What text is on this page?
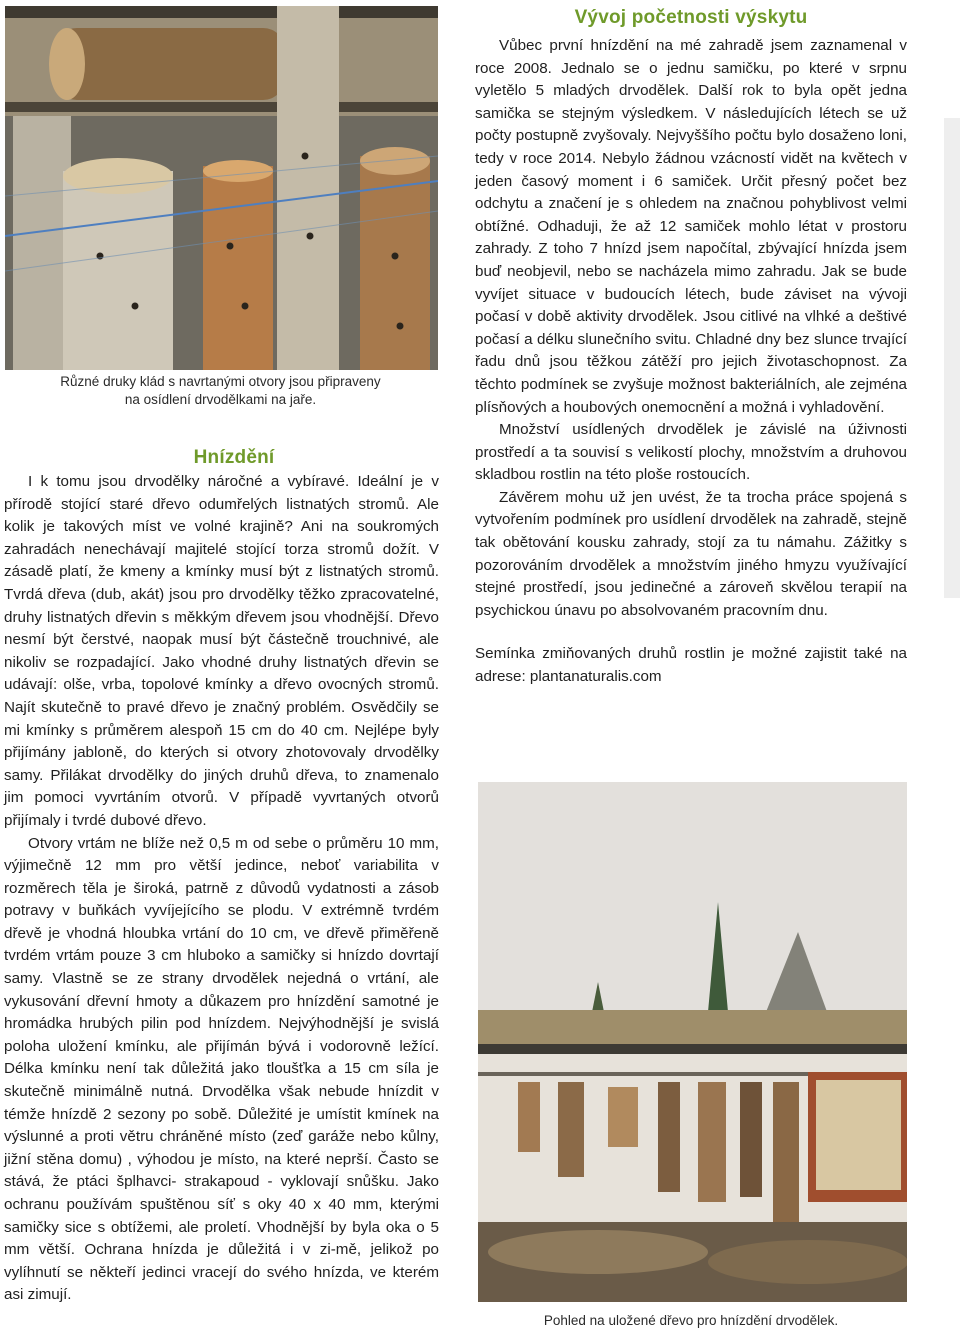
Různé druky klád s navrtanými otvory jsou připraveny
na osídlení drvodělkami na jaře.
Hnízdění

I k tomu jsou drvodělky náročné a vybíravé. Ideální je v přírodě stojící staré dřevo odumřelých listnatých stromů. Ale kolik je takových míst ve volné krajině? Ani na soukromých zahradách nenechávají majitelé stojící torza stromů dožít. V zásadě platí, že kmeny a kmínky musí být z listnatých stromů. Tvrdá dřeva (dub, akát) jsou pro drvodělky těžko zpracovatelné, druhy listnatých dřevin s měkkým dřevem jsou vhodnější. Dřevo nesmí být čerstvé, naopak musí být částečně trouchnivé, ale nikoliv se rozpadající. Jako vhodné druhy listnatých dřevin se udávají: olše, vrba, topolové kmínky a dřevo ovocných stromů. Najít skutečně to pravé dřevo je značný problém. Osvědčily se mi kmínky s průměrem alespoň 15 cm do 40 cm. Nejlépe byly přijímány jabloně, do kterých si otvory zhotovovaly drvodělky samy. Přilákat drvodělky do jiných druhů dřeva, to znamenalo jim pomoci vyvrtáním otvorů. V případě vyvrtaných otvorů přijímaly i tvrdé dubové dřevo.

Otvory vrtám ne blíže než 0,5 m od sebe o průměru 10 mm, výjimečně 12 mm pro větší jedince, neboť variabilita v rozměrech těla je široká, patrně z důvodů vydatnosti a zásob potravy v buňkách vyvíjejícího se plodu. V extrémně tvrdém dřevě je vhodná hloubka vrtání do 10 cm, ve dřevě přiměřeně tvrdém vrtám pouze 3 cm hluboko a samičky si hnízdo dovrtají samy. Vlastně se ze strany drvodělek nejedná o vrtání, ale vykusování dřevní hmoty a důkazem pro hnízdění samotné je hromádka hrubých pilin pod hnízdem. Nejvýhodnější je svislá poloha uložení kmínku, ale přijímán bývá i vodorovně ležící. Délka kmínku není tak důležitá jako tloušťka a 15 cm síla je skutečně minimálně nutná. Drvodělka však nebude hnízdit v témže hnízdě 2 sezony po sobě. Důležité je umístit kmínek na výslunné a proti větru chráněné místo (zeď garáže nebo kůlny, jižní stěna domu) , výhodou je místo, na které neprší. Často se stává, že ptáci šplhavci- strakapoud - vyklovají snůšku. Jako ochranu používám spuštěnou síť s oky 40 x 40 mm, kterými samičky sice s obtížemi, ale proletí. Vhodnější by byla oka o 5 mm větší. Ochrana hnízda je důležitá i v zi-mě, jelikož po vylíhnutí se někteří jedinci vracejí do svého hnízda, ve kterém asi zimují.

Vývoj početnosti výskytu

Vůbec první hnízdění na mé zahradě jsem zaznamenal v roce 2008. Jednalo se o jednu samičku, po které v srpnu vyletělo 5 mladých drvodělek. Další rok to byla opět jedna samička se stejným výsledkem. V následujících létech se už počty postupně zvyšovaly. Nejvyššího počtu bylo dosaženo loni, tedy v roce 2014. Nebylo žádnou vzácností vidět na květech v jeden časový moment i 6 samiček. Určit přesný počet bez odchytu a značení je s ohledem na značnou pohyblivost velmi obtížné. Odhaduji, že až 12 samiček mohlo létat v prostoru zahrady. Z toho 7 hnízd jsem napočítal, zbývající hnízda jsem buď neobjevil, nebo se nacházela mimo zahradu. Jak se bude vyvíjet situace v budoucích létech, bude záviset na vývoji počasí v době aktivity drvodělek. Jsou citlivé na vlhké a deštivé počasí a délku slunečního svitu. Chladné dny bez slunce trvající řadu dnů jsou těžkou zátěží pro jejich životaschopnost. Za těchto podmínek se zvyšuje možnost bakteriálních, ale zejména plísňových a houbových onemocnění a možná i vyhladovění.

Množství usídlených drvodělek je závislé na úživnosti prostředí a ta souvisí s velikostí plochy, množstvím a druhovou skladbou rostlin na této ploše rostoucích.

Závěrem mohu už jen uvést, že ta trocha práce spojená s vytvořením podmínek pro usídlení drvodělek na zahradě, stejně tak obětování kousku zahrady, stojí za tu námahu. Zážitky s pozorováním drvodělek a množstvím jiného hmyzu využívající stejné prostředí, jsou jedinečné a zároveň skvělou terapií na psychickou únavu po absolvovaném pracovním dnu.

Semínka zmiňovaných druhů rostlin je možné zajistit také na adrese: plantanaturalis.com

Pohled na uložené dřevo pro hnízdění drvodělek.
